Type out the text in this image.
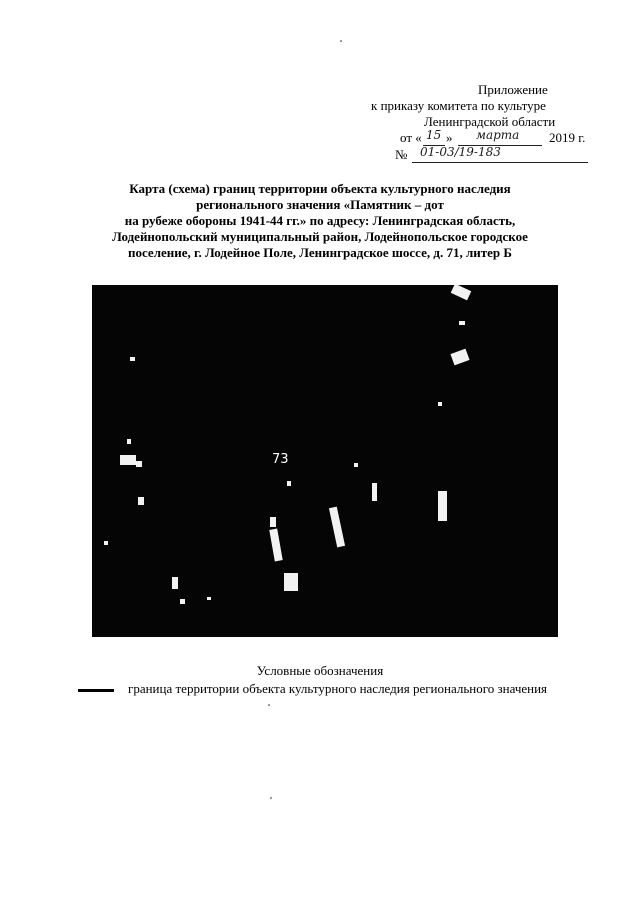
Приложение
к приказу комитета по культуре
Ленинградской области
от « 15 » марта 2019 г.
№ 01-03/19-183
Карта (схема) границ территории объекта культурного наследия
регионального значения «Памятник – дот
на рубеже обороны 1941-44 гг.» по адресу: Ленинградская область,
Лодейнопольский муниципальный район, Лодейнопольское городское
поселение, г. Лодейное Поле, Ленинградское шоссе, д. 71, литер Б
73
Условные обозначения
граница территории объекта культурного наследия регионального значения
